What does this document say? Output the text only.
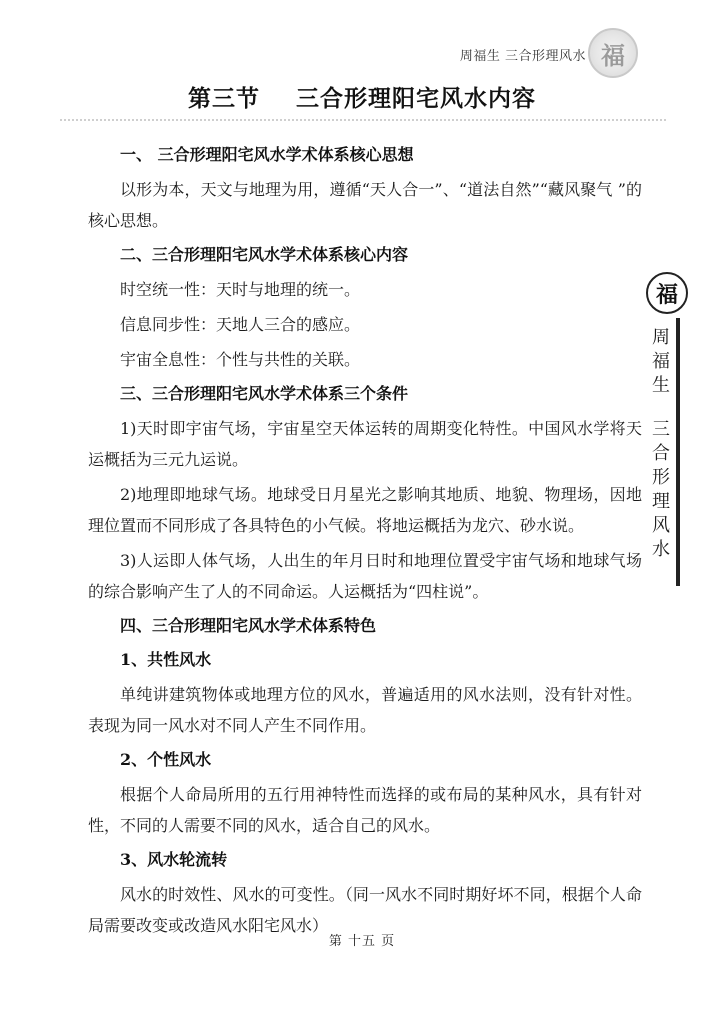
周福生 三合形理风水 福
第三节    三合形理阳宅风水内容
一、 三合形理阳宅风水学术体系核心思想
以形为本，天文与地理为用，遵循“天人合一”、“道法自然”“藏风聚气 ”的核心思想。
二、三合形理阳宅风水学术体系核心内容
时空统一性：天时与地理的统一。
信息同步性：天地人三合的感应。
宇宙全息性：个性与共性的关联。
三、三合形理阳宅风水学术体系三个条件
1)天时即宇宙气场，宇宙星空天体运转的周期变化特性。中国风水学将天运概括为三元九运说。
2)地理即地球气场。地球受日月星光之影响其地质、地貌、物理场，因地理位置而不同形成了各具特色的小气候。将地运概括为龙穴、砂水说。
3)人运即人体气场，人出生的年月日时和地理位置受宇宙气场和地球气场的综合影响产生了人的不同命运。人运概括为“四柱说”。
四、三合形理阳宅风水学术体系特色
1、共性风水
单纯讲建筑物体或地理方位的风水，普遍适用的风水法则，没有针对性。表现为同一风水对不同人产生不同作用。
2、个性风水
根据个人命局所用的五行用神特性而选择的或布局的某种风水，具有针对性，不同的人需要不同的风水，适合自己的风水。
3、风水轮流转
风水的时效性、风水的可变性。（同一风水不同时期好坏不同，根据个人命局需要改变或改造风水阳宅风水）
福
周福生
三合形理风水
第 十五 页
